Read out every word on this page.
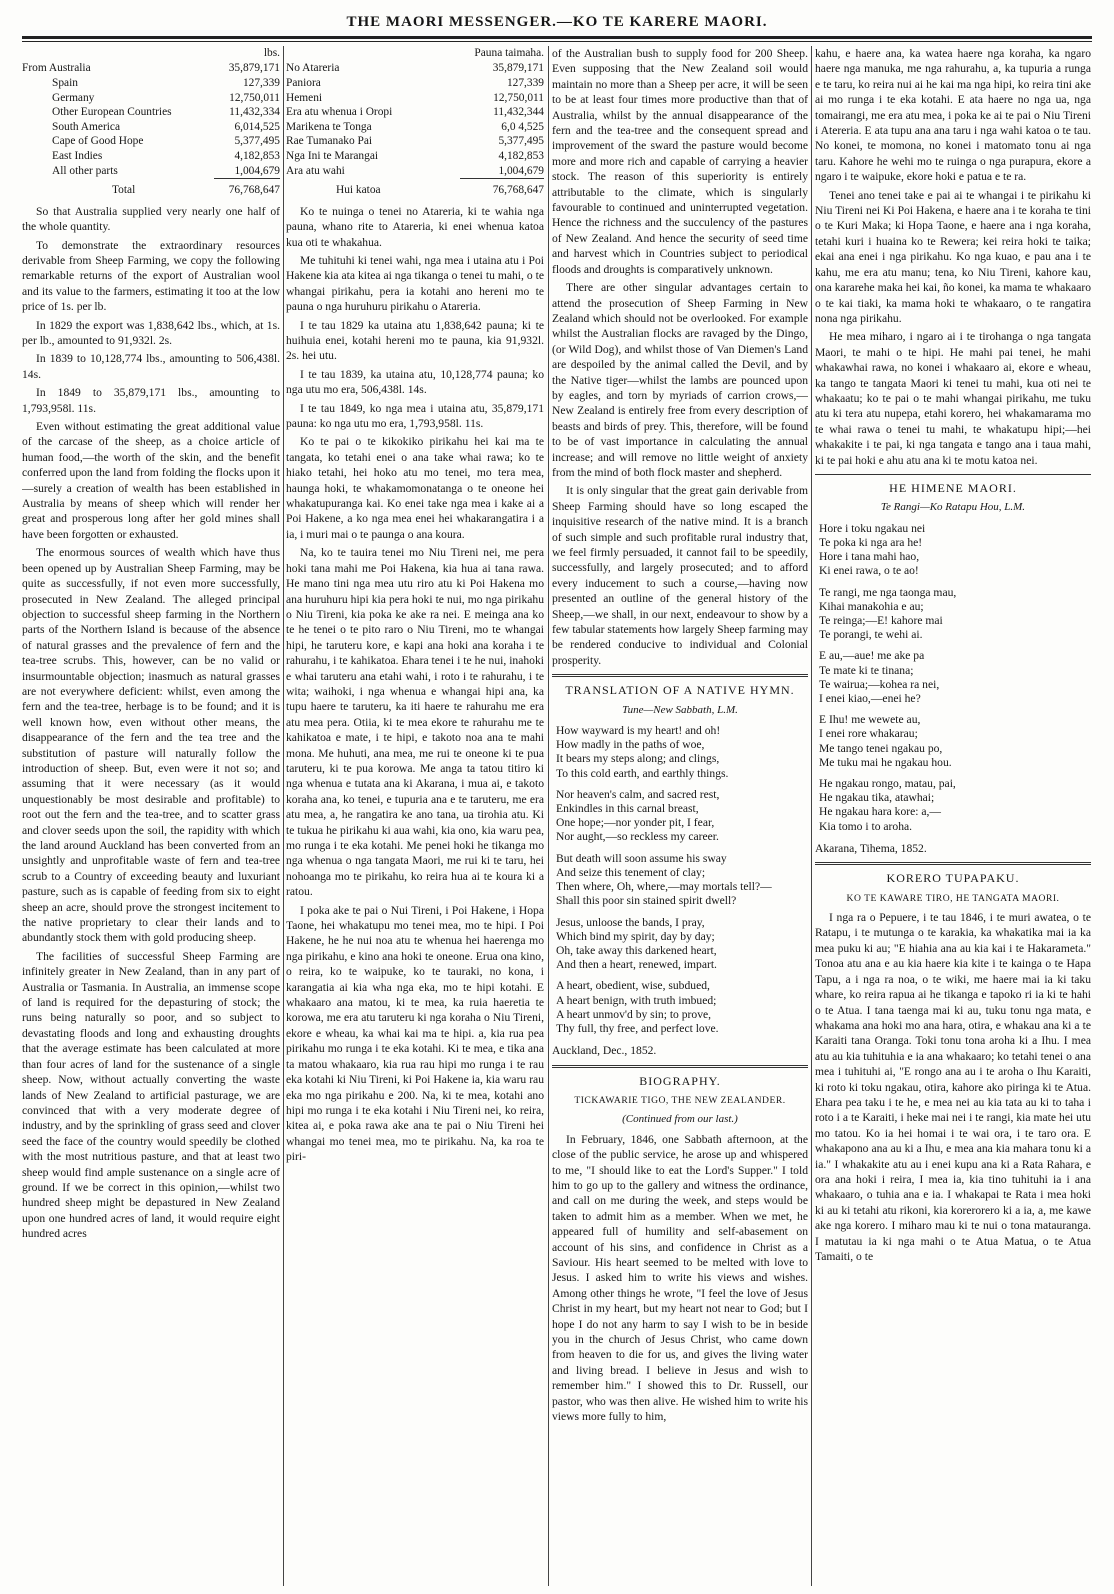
THE MAORI MESSENGER.—KO TE KARERE MAORI.
lbs.
From Australia	35,879,171
Spain	127,339
Germany	12,750,011
Other European Countries	11,432,334
South America	6,014,525
Cape of Good Hope	5,377,495
East Indies	4,182,853
All other parts	1,004,679
Total	76,768,647

So that Australia supplied very nearly one half of the whole quantity.

To demonstrate the extraordinary resources derivable from Sheep Farming, we copy the following remarkable returns of the export of Australian wool and its value to the farmers, estimating it too at the low price of 1s. per lb.

In 1829 the export was 1,838,642 lbs., which, at 1s. per lb., amounted to 91,932l. 2s.

In 1839 to 10,128,774 lbs., amounting to 506,438l. 14s.

In 1849 to 35,879,171 lbs., amounting to 1,793,958l. 11s.

Even without estimating the great additional value of the carcase of the sheep, as a choice article of human food,—the worth of the skin, and the benefit conferred upon the land from folding the flocks upon it—surely a creation of wealth has been established in Australia by means of sheep which will render her great and prosperous long after her gold mines shall have been forgotten or exhausted.

The enormous sources of wealth which have thus been opened up by Australian Sheep Farming, may be quite as successfully, if not even more successfully, prosecuted in New Zealand. The alleged principal objection to successful sheep farming in the Northern parts of the Northern Island is because of the absence of natural grasses and the prevalence of fern and the tea-tree scrubs. This, however, can be no valid or insurmountable objection; inasmuch as natural grasses are not everywhere deficient: whilst, even among the fern and the tea-tree, herbage is to be found; and it is well known how, even without other means, the disappearance of the fern and the tea tree and the substitution of pasture will naturally follow the introduction of sheep. But, even were it not so; and assuming that it were necessary (as it would unquestionably be most desirable and profitable) to root out the fern and the tea-tree, and to scatter grass and clover seeds upon the soil, the rapidity with which the land around Auckland has been converted from an unsightly and unprofitable waste of fern and tea-tree scrub to a Country of exceeding beauty and luxuriant pasture, such as is capable of feeding from six to eight sheep an acre, should prove the strongest incitement to the native proprietary to clear their lands and to abundantly stock them with gold producing sheep.

The facilities of successful Sheep Farming are infinitely greater in New Zealand, than in any part of Australia or Tasmania. In Australia, an immense scope of land is required for the depasturing of stock; the runs being naturally so poor, and so subject to devastating floods and long and exhausting droughts that the average estimate has been calculated at more than four acres of land for the sustenance of a single sheep. Now, without actually converting the waste lands of New Zealand to artificial pasturage, we are convinced that with a very moderate degree of industry, and by the sprinkling of grass seed and clover seed the face of the country would speedily be clothed with the most nutritious pasture, and that at least two sheep would find ample sustenance on a single acre of ground. If we be correct in this opinion,—whilst two hundred sheep might be depastured in New Zealand upon one hundred acres of land, it would require eight hundred acres

Pauna taimaha.
No Atareria	35,879,171
Paniora	127,339
Hemeni	12,750,011
Era atu whenua i Oropi	11,432,344
Marikena te Tonga	6,0 4,525
Rae Tumanako Pai	5,377,495
Nga Ini te Marangai	4,182,853
Ara atu wahi	1,004,679
Hui katoa	76,768,647

Ko te nuinga o tenei no Atareria, ki te wahia nga pauna, whano rite to Atareria, ki enei whenua katoa kua oti te whakahua.

Me tuhituhi ki tenei wahi, nga mea i utaina atu i Poi Hakene kia ata kitea ai nga tikanga o tenei tu mahi, o te whangai pirikahu, pera ia kotahi ano hereni mo te pauna o nga huruhuru pirikahu o Atareria.

I te tau 1829 ka utaina atu 1,838,642 pauna; ki te huihuia enei, kotahi hereni mo te pauna, kia 91,932l. 2s. hei utu.

I te tau 1839, ka utaina atu, 10,128,774 pauna; ko nga utu mo era, 506,438l. 14s.

I te tau 1849, ko nga mea i utaina atu, 35,879,171 pauna: ko nga utu mo era, 1,793,958l. 11s.

Ko te pai o te kikokiko pirikahu hei kai ma te tangata, ko tetahi enei o ana take whai rawa; ko te hiako tetahi, hei hoko atu mo tenei, mo tera mea, haunga hoki, te whakamomonatanga o te oneone hei whakatupuranga kai. Ko enei take nga mea i kake ai a Poi Hakene, a ko nga mea enei hei whakarangatira i a ia, i muri mai o te paunga o ana koura.

Na, ko te tauira tenei mo Niu Tireni nei, me pera hoki tana mahi me Poi Hakena, kia hua ai tana rawa. He mano tini nga mea utu riro atu ki Poi Hakena mo ana huruhuru hipi kia pera hoki te nui, mo nga pirikahu o Niu Tireni, kia poka ke ake ra nei. E meinga ana ko te he tenei o te pito raro o Niu Tireni, mo te whangai hipi, he taruteru kore, e kapi ana hoki ana koraha i te rahurahu, i te kahikatoa. Ehara tenei i te he nui, inahoki e whai taruteru ana etahi wahi, i roto i te rahurahu, i te wita; waihoki, i nga whenua e whangai hipi ana, ka tupu haere te taruteru, ka iti haere te rahurahu me era atu mea pera. Otiia, ki te mea ekore te rahurahu me te kahikatoa e mate, i te hipi, e takoto noa ana te mahi mona. Me huhuti, ana mea, me rui te oneone ki te pua taruteru, ki te pua korowa. Me anga ta tatou titiro ki nga whenua e tutata ana ki Akarana, i mua ai, e takoto koraha ana, ko tenei, e tupuria ana e te taruteru, me era atu mea, a, he rangatira ke ano tana, ua tirohia atu. Ki te tukua he pirikahu ki aua wahi, kia ono, kia waru pea, mo runga i te eka kotahi. Me penei hoki he tikanga mo nga whenua o nga tangata Maori, me rui ki te taru, hei nohoanga mo te pirikahu, ko reira hua ai te koura ki a ratou.

I poka ake te pai o Nui Tireni, i Poi Hakene, i Hopa Taone, hei whakatupu mo tenei mea, mo te hipi. I Poi Hakene, he he nui noa atu te whenua hei haerenga mo nga pirikahu, e kino ana hoki te oneone. Erua ona kino, o reira, ko te waipuke, ko te tauraki, no kona, i karangatia ai kia wha nga eka, mo te hipi kotahi. E whakaaro ana matou, ki te mea, ka ruia haeretia te korowa, me era atu taruteru ki nga koraha o Niu Tireni, ekore e wheau, ka whai kai ma te hipi. a, kia rua pea pirikahu mo runga i te eka kotahi. Ki te mea, e tika ana ta matou whakaaro, kia rua rau hipi mo runga i te rau eka kotahi ki Niu Tireni, ki Poi Hakene ia, kia waru rau eka mo nga pirikahu e 200. Na, ki te mea, kotahi ano hipi mo runga i te eka kotahi i Niu Tireni nei, ko reira, kitea ai, e poka rawa ake ana te pai o Niu Tireni hei whangai mo tenei mea, mo te pirikahu. Na, ka roa te piri-

of the Australian bush to supply food for 200 Sheep. Even supposing that the New Zealand soil would maintain no more than a Sheep per acre, it will be seen to be at least four times more productive than that of Australia, whilst by the annual disappearance of the fern and the tea-tree and the consequent spread and improvement of the sward the pasture would become more and more rich and capable of carrying a heavier stock. The reason of this superiority is entirely attributable to the climate, which is singularly favourable to continued and uninterrupted vegetation. Hence the richness and the succulency of the pastures of New Zealand. And hence the security of seed time and harvest which in Countries subject to periodical floods and droughts is comparatively unknown.

There are other singular advantages certain to attend the prosecution of Sheep Farming in New Zealand which should not be overlooked. For example whilst the Australian flocks are ravaged by the Dingo, (or Wild Dog), and whilst those of Van Diemen's Land are despoiled by the animal called the Devil, and by the Native tiger—whilst the lambs are pounced upon by eagles, and torn by myriads of carrion crows,—New Zealand is entirely free from every description of beasts and birds of prey. This, therefore, will be found to be of vast importance in calculating the annual increase; and will remove no little weight of anxiety from the mind of both flock master and shepherd.

It is only singular that the great gain derivable from Sheep Farming should have so long escaped the inquisitive research of the native mind. It is a branch of such simple and such profitable rural industry that, we feel firmly persuaded, it cannot fail to be speedily, successfully, and largely prosecuted; and to afford every inducement to such a course,—having now presented an outline of the general history of the Sheep,—we shall, in our next, endeavour to show by a few tabular statements how largely Sheep farming may be rendered conducive to individual and Colonial prosperity.

TRANSLATION OF A NATIVE HYMN.
Tune—New Sabbath, L.M.
How wayward is my heart! and oh!
How madly in the paths of woe,
It bears my steps along; and clings,
To this cold earth, and earthly things.
Nor heaven's calm, and sacred rest,
Enkindles in this carnal breast,
One hope;—nor yonder pit, I fear,
Nor aught,—so reckless my career.
But death will soon assume his sway
And seize this tenement of clay;
Then where, Oh, where,—may mortals tell?—
Shall this poor sin stained spirit dwell?
Jesus, unloose the bands, I pray,
Which bind my spirit, day by day;
Oh, take away this darkened heart,
And then a heart, renewed, impart.
A heart, obedient, wise, subdued,
A heart benign, with truth imbued;
A heart unmov'd by sin; to prove,
Thy full, thy free, and perfect love.
Auckland, Dec., 1852.
BIOGRAPHY.
TICKAWARIE TIGO, THE NEW ZEALANDER.
(Continued from our last.)

In February, 1846, one Sabbath afternoon, at the close of the public service, he arose up and whispered to me, "I should like to eat the Lord's Supper." I told him to go up to the gallery and witness the ordinance, and call on me during the week, and steps would be taken to admit him as a member. When we met, he appeared full of humility and self-abasement on account of his sins, and confidence in Christ as a Saviour. His heart seemed to be melted with love to Jesus. I asked him to write his views and wishes. Among other things he wrote, "I feel the love of Jesus Christ in my heart, but my heart not near to God; but I hope I do not any harm to say I wish to be in beside you in the church of Jesus Christ, who came down from heaven to die for us, and gives the living water and living bread. I believe in Jesus and wish to remember him." I showed this to Dr. Russell, our pastor, who was then alive. He wished him to write his views more fully to him,

kahu, e haere ana, ka watea haere nga koraha, ka ngaro haere nga manuka, me nga rahurahu, a, ka tupuria a runga e te taru, ko reira nui ai he kai ma nga hipi, ko reira tini ake ai mo runga i te eka kotahi. E ata haere no nga ua, nga tomairangi, me era atu mea, i poka ke ai te pai o Niu Tireni i Atereria. E ata tupu ana ana taru i nga wahi katoa o te tau. No konei, te momona, no konei i matomato tonu ai nga taru. Kahore he wehi mo te ruinga o nga purapura, ekore a ngaro i te waipuke, ekore hoki e patua e te ra.

Tenei ano tenei take e pai ai te whangai i te pirikahu ki Niu Tireni nei Ki Poi Hakena, e haere ana i te koraha te tini o te Kuri Maka; ki Hopa Taone, e haere ana i nga koraha, tetahi kuri i huaina ko te Rewera; kei reira hoki te taika; ekai ana enei i nga pirikahu. Ko nga kuao, e pau ana i te kahu, me era atu manu; tena, ko Niu Tireni, kahore kau, ona kararehe maka hei kai, ño konei, ka mama te whakaaro o te kai tiaki, ka mama hoki te whakaaro, o te rangatira nona nga pirikahu.

He mea miharo, i ngaro ai i te tirohanga o nga tangata Maori, te mahi o te hipi. He mahi pai tenei, he mahi whakawhai rawa, no konei i whakaaro ai, ekore e wheau, ka tango te tangata Maori ki tenei tu mahi, kua oti nei te whakaatu; ko te pai o te mahi whangai pirikahu, me tuku atu ki tera atu nupepa, etahi korero, hei whakamarama mo te whai rawa o tenei tu mahi, te whakatupu hipi;—hei whakakite i te pai, ki nga tangata e tango ana i taua mahi, ki te pai hoki e ahu atu ana ki te motu katoa nei.

HE HIMENE MAORI.
Te Rangi—Ko Ratapu Hou, L.M.
Hore i toku ngakau nei
Te poka ki nga ara he!
Hore i tana mahi hao,
Ki enei rawa, o te ao!
Te rangi, me nga taonga mau,
Kihai manakohia e au;
Te reinga;—E! kahore mai
Te porangi, te wehi ai.
E au,—aue! me ake pa
Te mate ki te tinana;
Te wairua;—kohea ra nei,
I enei kiao,—enei he?
E Ihu! me wewete au,
I enei rore whakarau;
Me tango tenei ngakau po,
Me tuku mai he ngakau hou.
He ngakau rongo, matau, pai,
He ngakau tika, atawhai;
He ngakau hara kore: a,—
Kia tomo i to aroha.
Akarana, Tihema, 1852.
KORERO TUPAPAKU.
KO TE KAWARE TIRO, HE TANGATA MAORI.

I nga ra o Pepuere, i te tau 1846, i te muri awatea, o te Ratapu, i te mutunga o te karakia, ka whakatika mai ia ka mea puku ki au; "E hiahia ana au kia kai i te Hakarameta." Tonoa atu ana e au kia haere kia kite i te kainga o te Hapa Tapu, a i nga ra noa, o te wiki, me haere mai ia ki taku whare, ko reira rapua ai he tikanga e tapoko ri ia ki te hahi o te Atua. I tana taenga mai ki au, tuku tonu nga mata, e whakama ana hoki mo ana hara, otira, e whakau ana ki a te Karaiti tana Oranga. Toki tonu tona aroha ki a Ihu. I mea atu au kia tuhituhia e ia ana whakaaro; ko tetahi tenei o ana mea i tuhituhi ai, "E rongo ana au i te aroha o Ihu Karaiti, ki roto ki toku ngakau, otira, kahore ako piringa ki te Atua. Ehara pea taku i te he, e mea nei au kia tata au ki to taha i roto i a te Karaiti, i heke mai nei i te rangi, kia mate hei utu mo tatou. Ko ia hei homai i te wai ora, i te taro ora. E whakapono ana au ki a Ihu, e mea ana kia mahara tonu ki a ia." I whakakite atu au i enei kupu ana ki a Rata Rahara, e ora ana hoki i reira, I mea ia, kia tino tuhituhi ia i ana whakaaro, o tuhia ana e ia. I whakapai te Rata i mea hoki ki au ki tetahi atu rikoni, kia korerorero ki a ia, a, me kawe ake nga korero. I miharo mau ki te nui o tona matauranga. I matutau ia ki nga mahi o te Atua Matua, o te Atua Tamaiti, o te
